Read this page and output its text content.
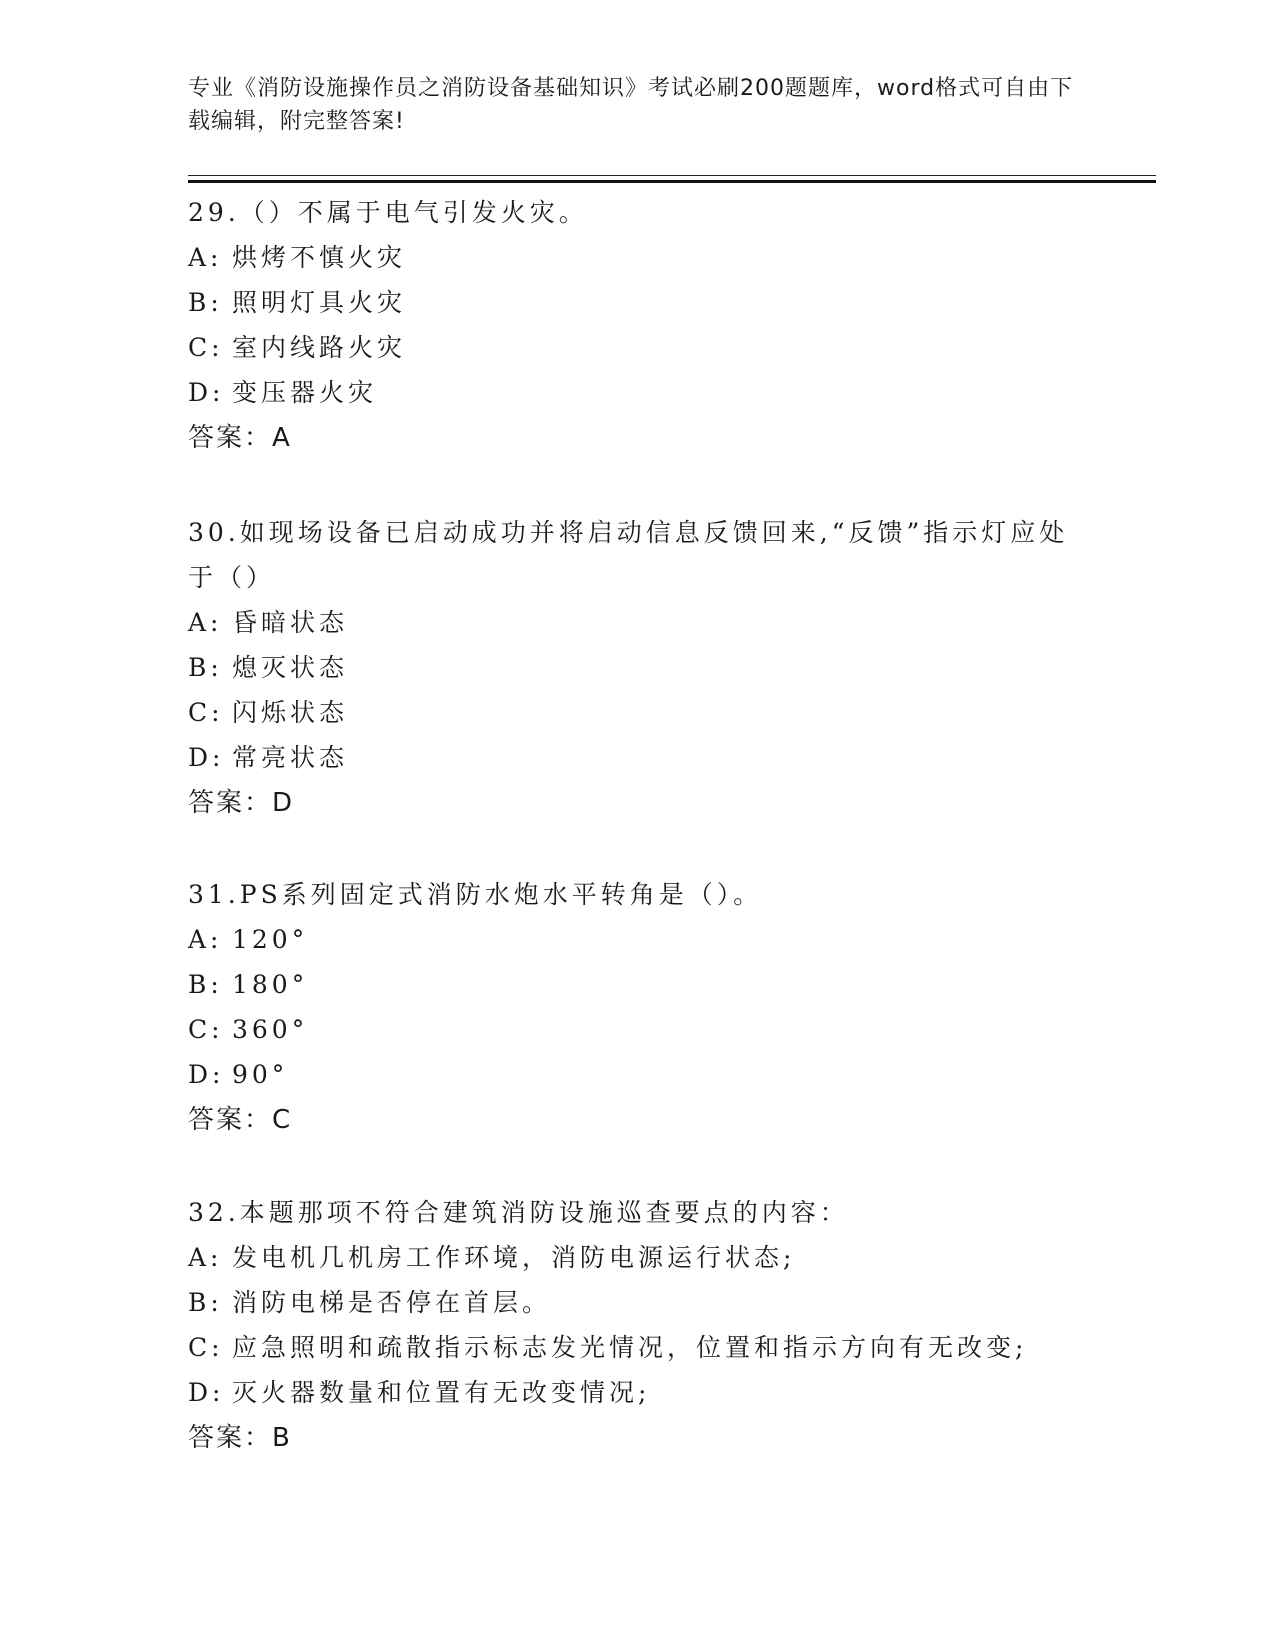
专业《消防设施操作员之消防设备基础知识》考试必刷200题题库，word格式可自由下载编辑，附完整答案!

29.（）不属于电气引发火灾。

A: 烘烤不慎火灾

B: 照明灯具火灾

C: 室内线路火灾

D: 变压器火灾

答案：A

30.如现场设备已启动成功并将启动信息反馈回来,“反馈”指示灯应处于（）

A: 昏暗状态

B: 熄灭状态

C: 闪烁状态

D: 常亮状态

答案：D

31.PS系列固定式消防水炮水平转角是（）。

A: 120°

B: 180°

C: 360°

D: 90°

答案：C

32.本题那项不符合建筑消防设施巡查要点的内容：

A: 发电机几机房工作环境，消防电源运行状态;

B: 消防电梯是否停在首层。

C: 应急照明和疏散指示标志发光情况，位置和指示方向有无改变;

D: 灭火器数量和位置有无改变情况;

答案：B
